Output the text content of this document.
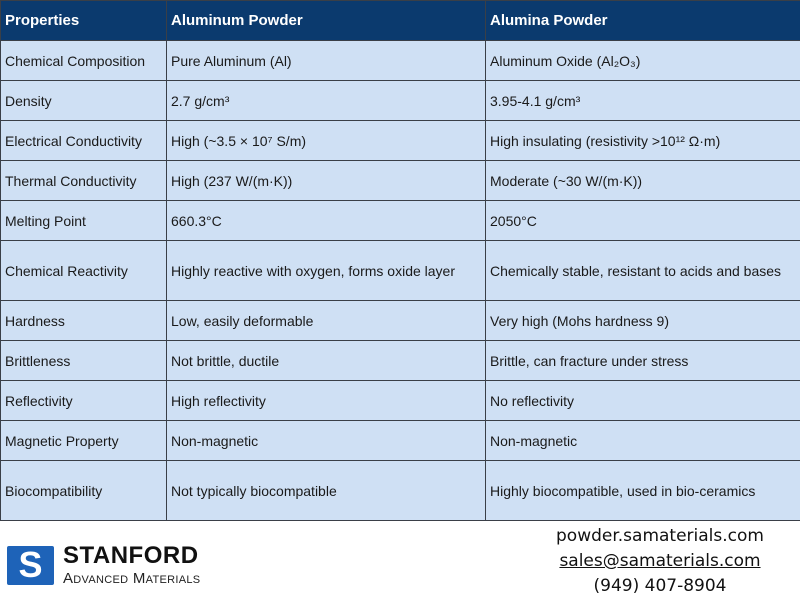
Properties	Aluminum Powder	Alumina Powder
Chemical Composition	Pure Aluminum (Al)	Aluminum Oxide (Al₂O₃)
Density	2.7 g/cm³	3.95-4.1 g/cm³
Electrical Conductivity	High (~3.5 × 10⁷ S/m)	High insulating (resistivity >10¹² Ω·m)
Thermal Conductivity	High (237 W/(m·K))	Moderate (~30 W/(m·K))
Melting Point	660.3°C	2050°C
Chemical Reactivity	Highly reactive with oxygen, forms oxide layer	Chemically stable, resistant to acids and bases
Hardness	Low, easily deformable	Very high (Mohs hardness 9)
Brittleness	Not brittle, ductile	Brittle, can fracture under stress
Reflectivity	High reflectivity	No reflectivity
Magnetic Property	Non-magnetic	Non-magnetic
Biocompatibility	Not typically biocompatible	Highly biocompatible, used in bio-ceramics
S STANFORD
Advanced Materials
powder.samaterials.com
sales@samaterials.com
(949) 407-8904
